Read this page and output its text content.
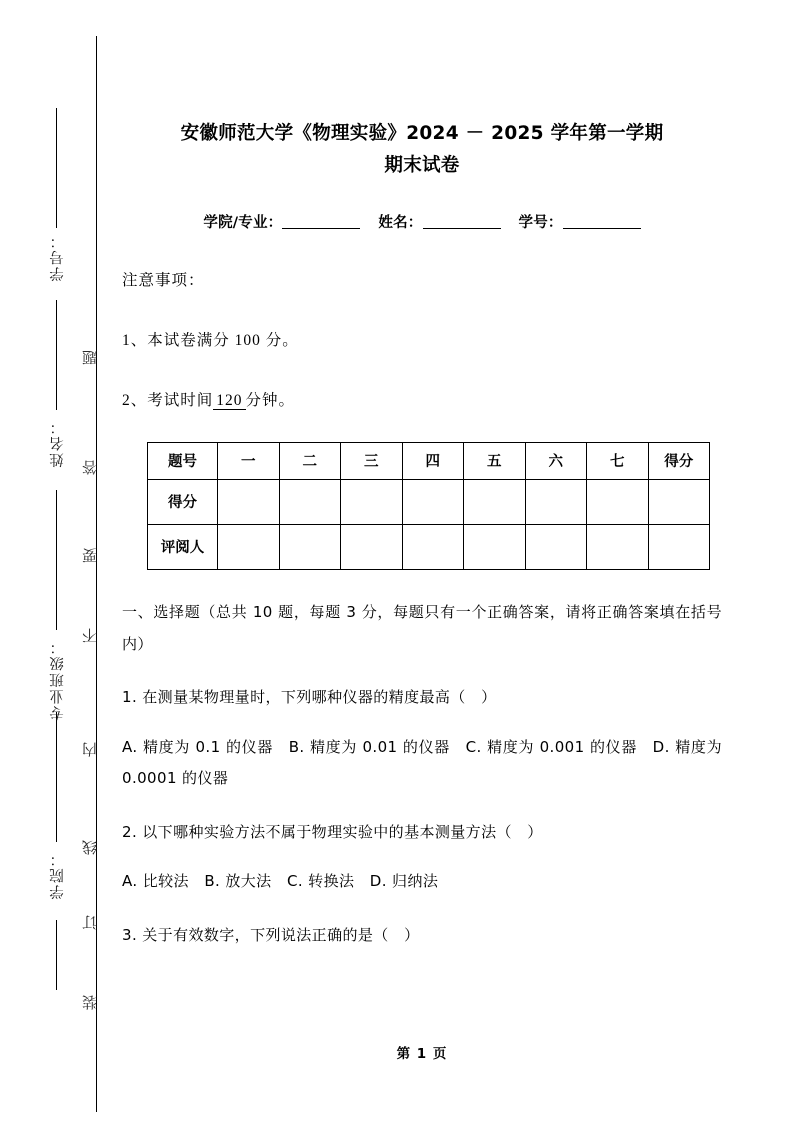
学号：
姓名：
专业班级：
学院：
题
答
要
不
内
线
订
装
安徽师范大学《物理实验》2024 － 2025 学年第一学期
期末试卷
学院/专业：	姓名：	学号：
注意事项：
1、本试卷满分 100 分。
2、考试时间 120 分钟。
题号	一	二	三	四	五	六	七	得分
得分								
评阅人								
一、选择题（总共 10 题，每题 3 分，每题只有一个正确答案，请将正确答案填在括号内）
1. 在测量某物理量时，下列哪种仪器的精度最高（　）
A. 精度为 0.1 的仪器　B. 精度为 0.01 的仪器　C. 精度为 0.001 的仪器　D. 精度为 0.0001 的仪器
2. 以下哪种实验方法不属于物理实验中的基本测量方法（　）
A. 比较法　B. 放大法　C. 转换法　D. 归纳法
3. 关于有效数字，下列说法正确的是（　）
第 1 页
